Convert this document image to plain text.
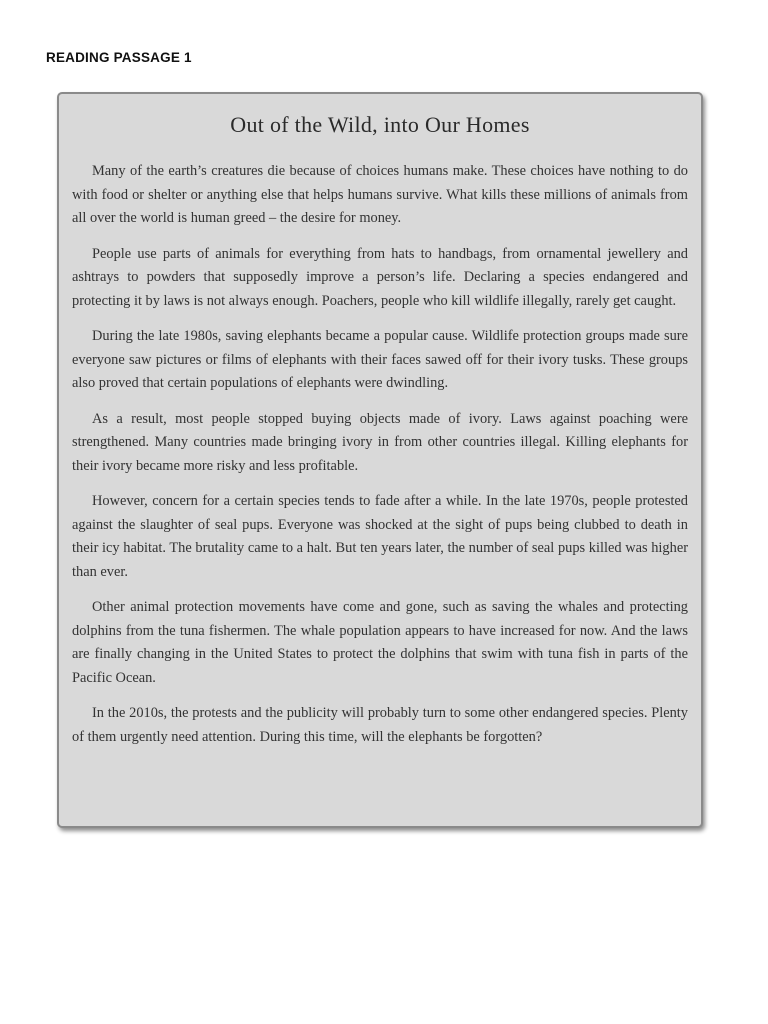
READING PASSAGE 1
Out of the Wild, into Our Homes

Many of the earth’s creatures die because of choices humans make. These choices have nothing to do with food or shelter or anything else that helps humans survive. What kills these millions of animals from all over the world is human greed – the desire for money.

People use parts of animals for everything from hats to handbags, from ornamental jewellery and ashtrays to powders that supposedly improve a person’s life. Declaring a species endangered and protecting it by laws is not always enough. Poachers, people who kill wildlife illegally, rarely get caught.

During the late 1980s, saving elephants became a popular cause. Wildlife protection groups made sure everyone saw pictures or films of elephants with their faces sawed off for their ivory tusks. These groups also proved that certain populations of elephants were dwindling.

As a result, most people stopped buying objects made of ivory. Laws against poaching were strengthened. Many countries made bringing ivory in from other countries illegal. Killing elephants for their ivory became more risky and less profitable.

However, concern for a certain species tends to fade after a while. In the late 1970s, people protested against the slaughter of seal pups. Everyone was shocked at the sight of pups being clubbed to death in their icy habitat. The brutality came to a halt. But ten years later, the number of seal pups killed was higher than ever.

Other animal protection movements have come and gone, such as saving the whales and protecting dolphins from the tuna fishermen. The whale population appears to have increased for now. And the laws are finally changing in the United States to protect the dolphins that swim with tuna fish in parts of the Pacific Ocean.

In the 2010s, the protests and the publicity will probably turn to some other endangered species. Plenty of them urgently need attention. During this time, will the elephants be forgotten?
